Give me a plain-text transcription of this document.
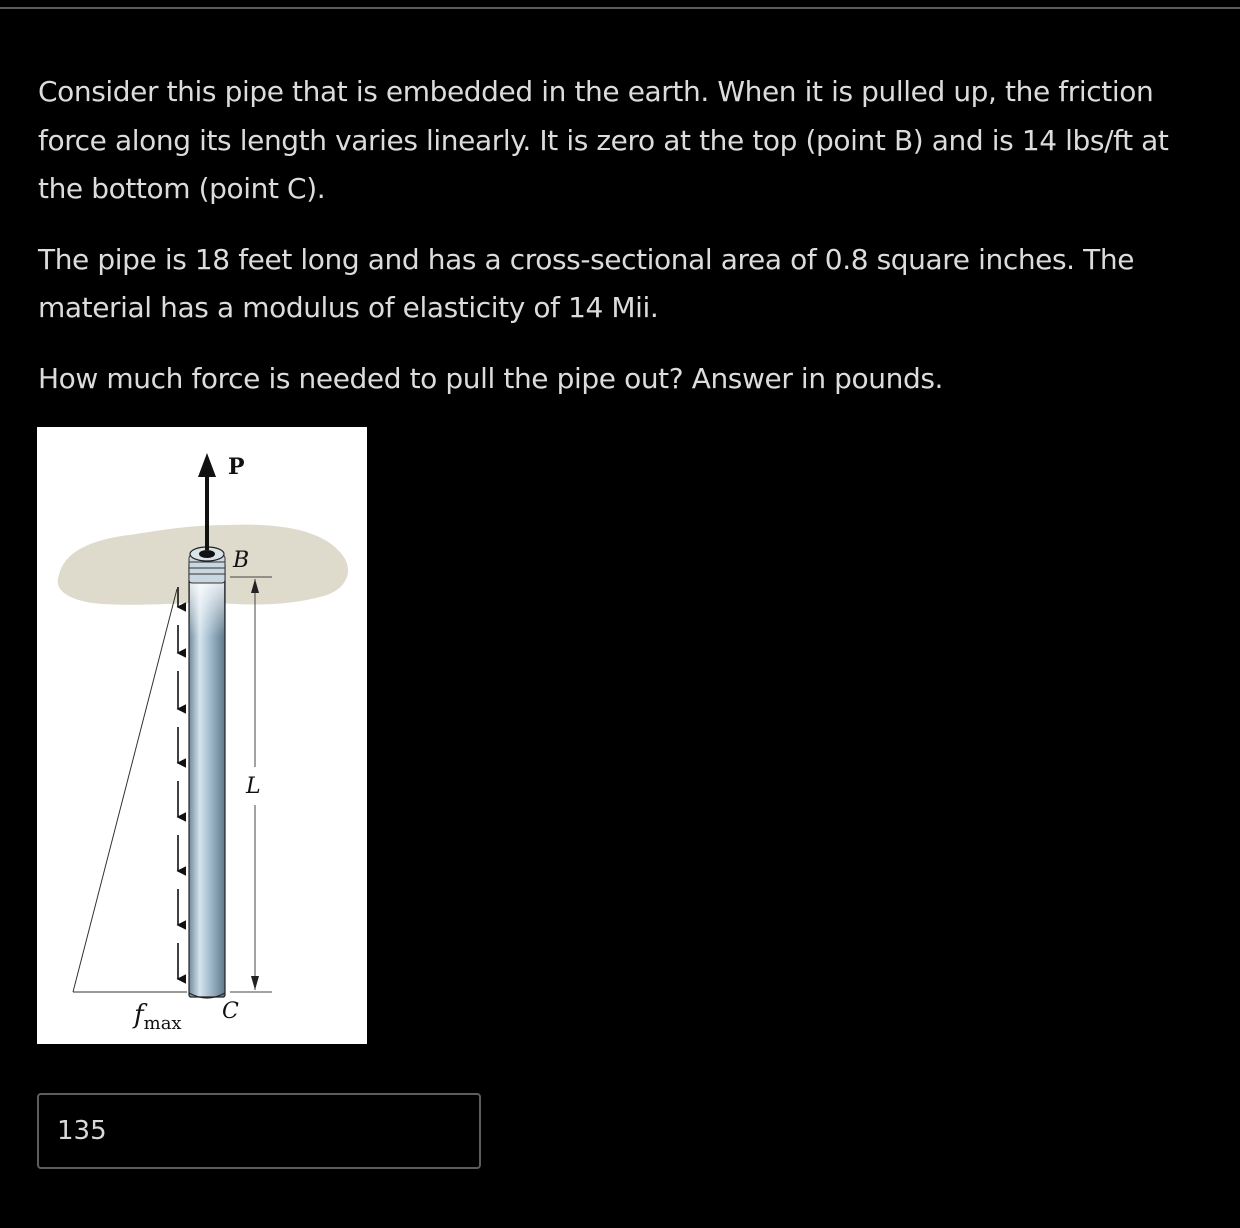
Consider this pipe that is embedded in the earth. When it is pulled up, the friction force along its length varies linearly. It is zero at the top (point B) and is 14 lbs/ft at the bottom (point C).

The pipe is 18 feet long and has a cross-sectional area of 0.8 square inches. The material has a modulus of elasticity of 14 Mii.

How much force is needed to pull the pipe out? Answer in pounds.

P
B
L
C
fmax
135
